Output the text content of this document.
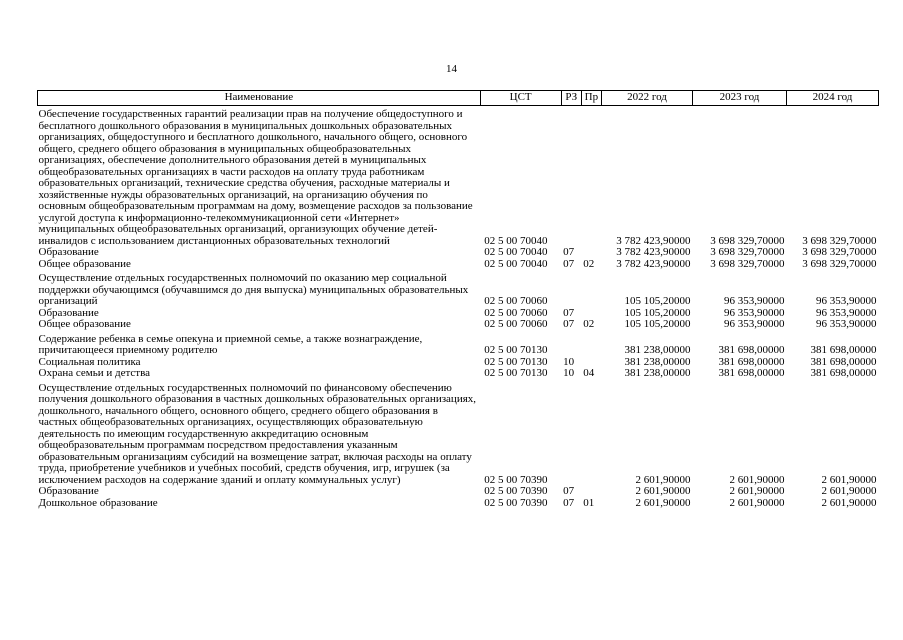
14
Наименование	ЦСТ	РЗ	Пр	2022 год	2023 год	2024 год
Обеспечение государственных гарантий реализации прав на получение общедоступного и бесплатного дошкольного образования в муниципальных дошкольных образовательных организациях, общедоступного и бесплатного дошкольного, начального общего, основного общего, среднего общего образования в муниципальных общеобразовательных организациях, обеспечение дополнительного образования детей в муниципальных общеобразовательных организациях в части расходов на оплату труда работникам образовательных организаций, технические средства обучения, расходные материалы и хозяйственные нужды образовательных организаций, на организацию обучения по основным общеобразовательным программам на дому, возмещение расходов за пользование услугой доступа к информационно-телекоммуникационной сети «Интернет» муниципальных общеобразовательных организаций, организующих обучение детей-инвалидов с использованием дистанционных образовательных технологий	02 5 00 70040			3 782 423,90000	3 698 329,70000	3 698 329,70000
Образование	02 5 00 70040	07		3 782 423,90000	3 698 329,70000	3 698 329,70000
Общее образование	02 5 00 70040	07	02	3 782 423,90000	3 698 329,70000	3 698 329,70000
Осуществление отдельных государственных полномочий по оказанию мер социальной поддержки обучающимся (обучавшимся до дня выпуска) муниципальных образовательных организаций	02 5 00 70060			105 105,20000	96 353,90000	96 353,90000
Образование	02 5 00 70060	07		105 105,20000	96 353,90000	96 353,90000
Общее образование	02 5 00 70060	07	02	105 105,20000	96 353,90000	96 353,90000
Содержание ребенка в семье опекуна и приемной семье, а также вознаграждение, причитающееся приемному родителю	02 5 00 70130			381 238,00000	381 698,00000	381 698,00000
Социальная политика	02 5 00 70130	10		381 238,00000	381 698,00000	381 698,00000
Охрана семьи и детства	02 5 00 70130	10	04	381 238,00000	381 698,00000	381 698,00000
Осуществление отдельных государственных полномочий по финансовому обеспечению получения дошкольного образования в частных дошкольных образовательных организациях, дошкольного, начального общего, основного общего, среднего общего образования в частных общеобразовательных организациях, осуществляющих образовательную деятельность по имеющим государственную аккредитацию основным общеобразовательным программам посредством предоставления указанным образовательным организациям субсидий на возмещение затрат, включая расходы на оплату труда, приобретение учебников и учебных пособий, средств обучения, игр, игрушек (за исключением расходов на содержание зданий и оплату коммунальных услуг)	02 5 00 70390			2 601,90000	2 601,90000	2 601,90000
Образование	02 5 00 70390	07		2 601,90000	2 601,90000	2 601,90000
Дошкольное образование	02 5 00 70390	07	01	2 601,90000	2 601,90000	2 601,90000
